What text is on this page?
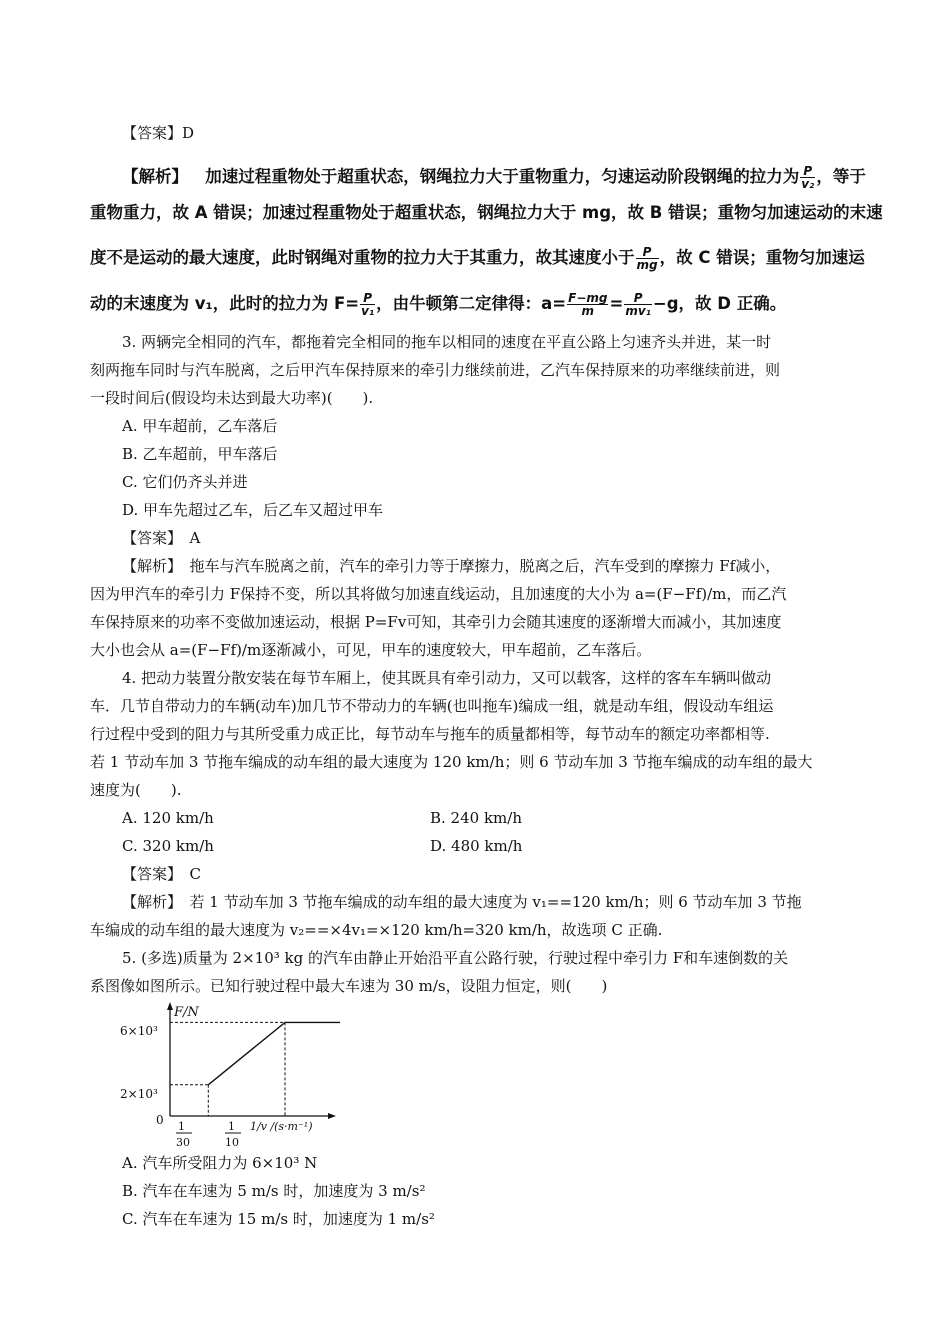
【答案】D
【解析】 加速过程重物处于超重状态，钢绳拉力大于重物重力，匀速运动阶段钢绳的拉力为 $\frac{P}{\text{v₂}}$ ，等于
重物重力，故 A 错误；加速过程重物处于超重状态，钢绳拉力大于 mg，故 B 错误；重物匀加速运动的末速
度不是运动的最大速度，此时钢绳对重物的拉力大于其重力，故其速度小于 $\frac{P}{mg}$ ，故 C 错误；重物匀加速运
动的末速度为 v₁，此时的拉力为 $F= \frac{P}{\text{v₁}}$ ，由牛顿第二定律得：$a= \frac{F-mg}{m} = \frac{P}{\text{mv₁}} -g$，故 D 正确。
3. 两辆完全相同的汽车，都拖着完全相同的拖车以相同的速度在平直公路上匀速齐头并进，某一时
刻两拖车同时与汽车脱离，之后甲汽车保持原来的牵引力继续前进，乙汽车保持原来的功率继续前进，则
一段时间后(假设均未达到最大功率)(　　).
A. 甲车超前，乙车落后
B. 乙车超前，甲车落后
C. 它们仍齐头并进
D. 甲车先超过乙车，后乙车又超过甲车
【答案】　A
【解析】　拖车与汽车脱离之前，汽车的牵引力等于摩擦力，脱离之后，汽车受到的摩擦力 Ff减小，
因为甲汽车的牵引力 F保持不变，所以其将做匀加速直线运动，且加速度的大小为 a=(F−Ff)/m，而乙汽
车保持原来的功率不变做加速运动，根据 P=Fv可知，其牵引力会随其速度的逐渐增大而减小，其加速度
大小也会从 a=(F−Ff)/m逐渐减小，可见，甲车的速度较大，甲车超前，乙车落后。
4. 把动力装置分散安装在每节车厢上，使其既具有牵引动力，又可以载客，这样的客车车辆叫做动
车．几节自带动力的车辆(动车)加几节不带动力的车辆(也叫拖车)编成一组，就是动车组，假设动车组运
行过程中受到的阻力与其所受重力成正比，每节动车与拖车的质量都相等，每节动车的额定功率都相等.
若 1 节动车加 3 节拖车编成的动车组的最大速度为 120 km/h；则 6 节动车加 3 节拖车编成的动车组的最大
速度为(　　).
A. 120 km/h	B. 240 km/h
C. 320 km/h	D. 480 km/h
【答案】　C
【解析】　若 1 节动车加 3 节拖车编成的动车组的最大速度为 v₁==120 km/h；则 6 节动车加 3 节拖
车编成的动车组的最大速度为 v₂==×4v₁=×120 km/h=320 km/h，故选项 C 正确.
5. (多选)质量为 2×10³ kg 的汽车由静止开始沿平直公路行驶，行驶过程中牵引力 F和车速倒数的关
系图像如图所示。已知行驶过程中最大车速为 30 m/s，设阻力恒定，则(　　)
F/N
6×10³
2×10³
0 1
30
1
10
1/v /(s·m⁻¹)
A. 汽车所受阻力为 6×10³ N
B. 汽车在车速为 5 m/s 时，加速度为 3 m/s²
C. 汽车在车速为 15 m/s 时，加速度为 1 m/s²
